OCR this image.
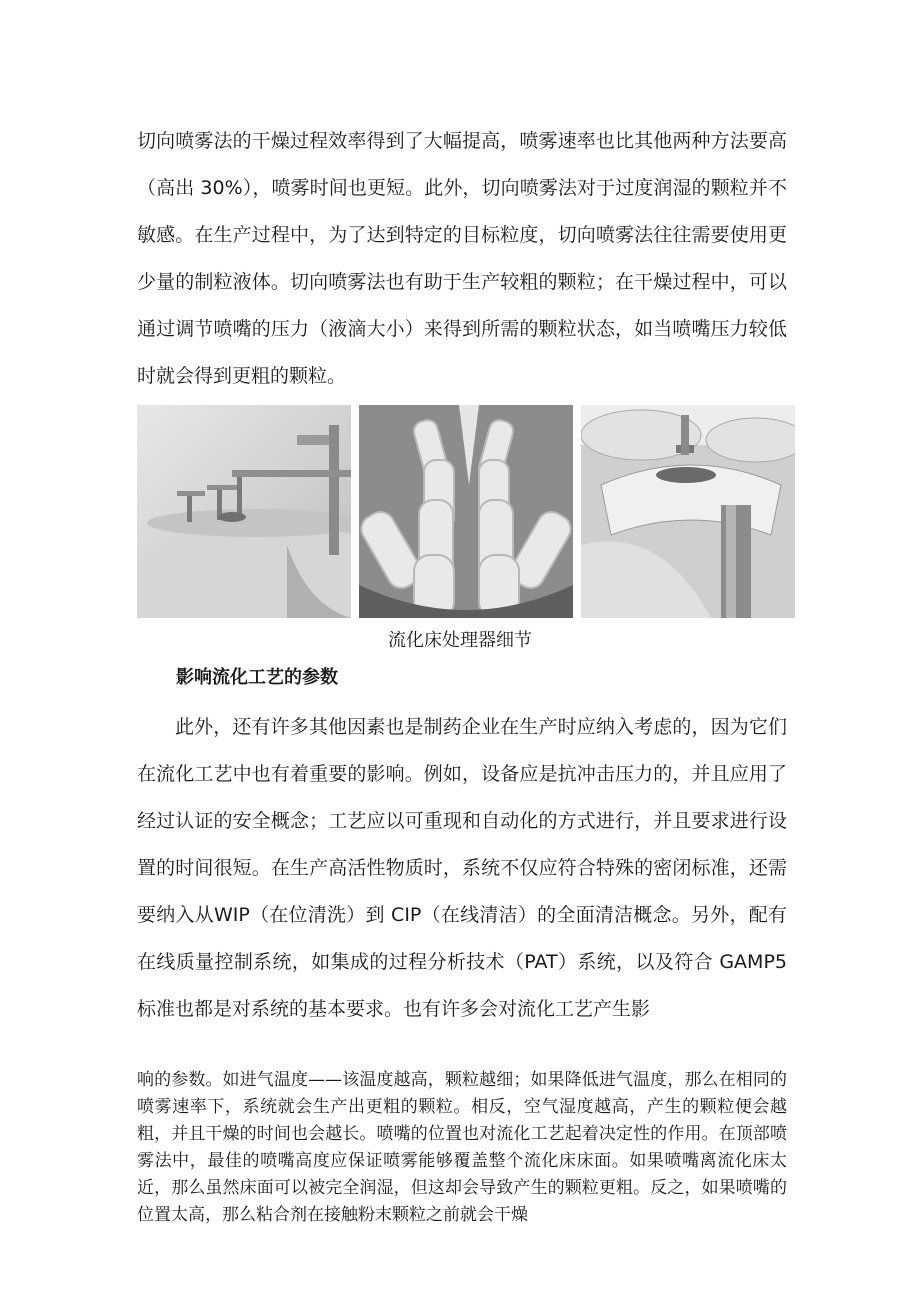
切向喷雾法的干燥过程效率得到了大幅提高，喷雾速率也比其他两种方法要高（高出 30%），喷雾时间也更短。此外，切向喷雾法对于过度润湿的颗粒并不敏感。在生产过程中，为了达到特定的目标粒度，切向喷雾法往往需要使用更少量的制粒液体。切向喷雾法也有助于生产较粗的颗粒；在干燥过程中，可以通过调节喷嘴的压力（液滴大小）来得到所需的颗粒状态，如当喷嘴压力较低时就会得到更粗的颗粒。

流化床处理器细节

影响流化工艺的参数

此外，还有许多其他因素也是制药企业在生产时应纳入考虑的，因为它们在流化工艺中也有着重要的影响。例如，设备应是抗冲击压力的，并且应用了经过认证的安全概念；工艺应以可重现和自动化的方式进行，并且要求进行设置的时间很短。在生产高活性物质时，系统不仅应符合特殊的密闭标准，还需要纳入从WIP（在位清洗）到 CIP（在线清洁）的全面清洁概念。另外，配有在线质量控制系统，如集成的过程分析技术（PAT）系统，以及符合 GAMP5 标准也都是对系统的基本要求。也有许多会对流化工艺产生影

响的参数。如进气温度——该温度越高，颗粒越细；如果降低进气温度，那么在相同的喷雾速率下，系统就会生产出更粗的颗粒。相反，空气湿度越高，产生的颗粒便会越粗，并且干燥的时间也会越长。喷嘴的位置也对流化工艺起着决定性的作用。在顶部喷雾法中，最佳的喷嘴高度应保证喷雾能够覆盖整个流化床床面。如果喷嘴离流化床太近，那么虽然床面可以被完全润湿，但这却会导致产生的颗粒更粗。反之，如果喷嘴的位置太高，那么粘合剂在接触粉末颗粒之前就会干燥
